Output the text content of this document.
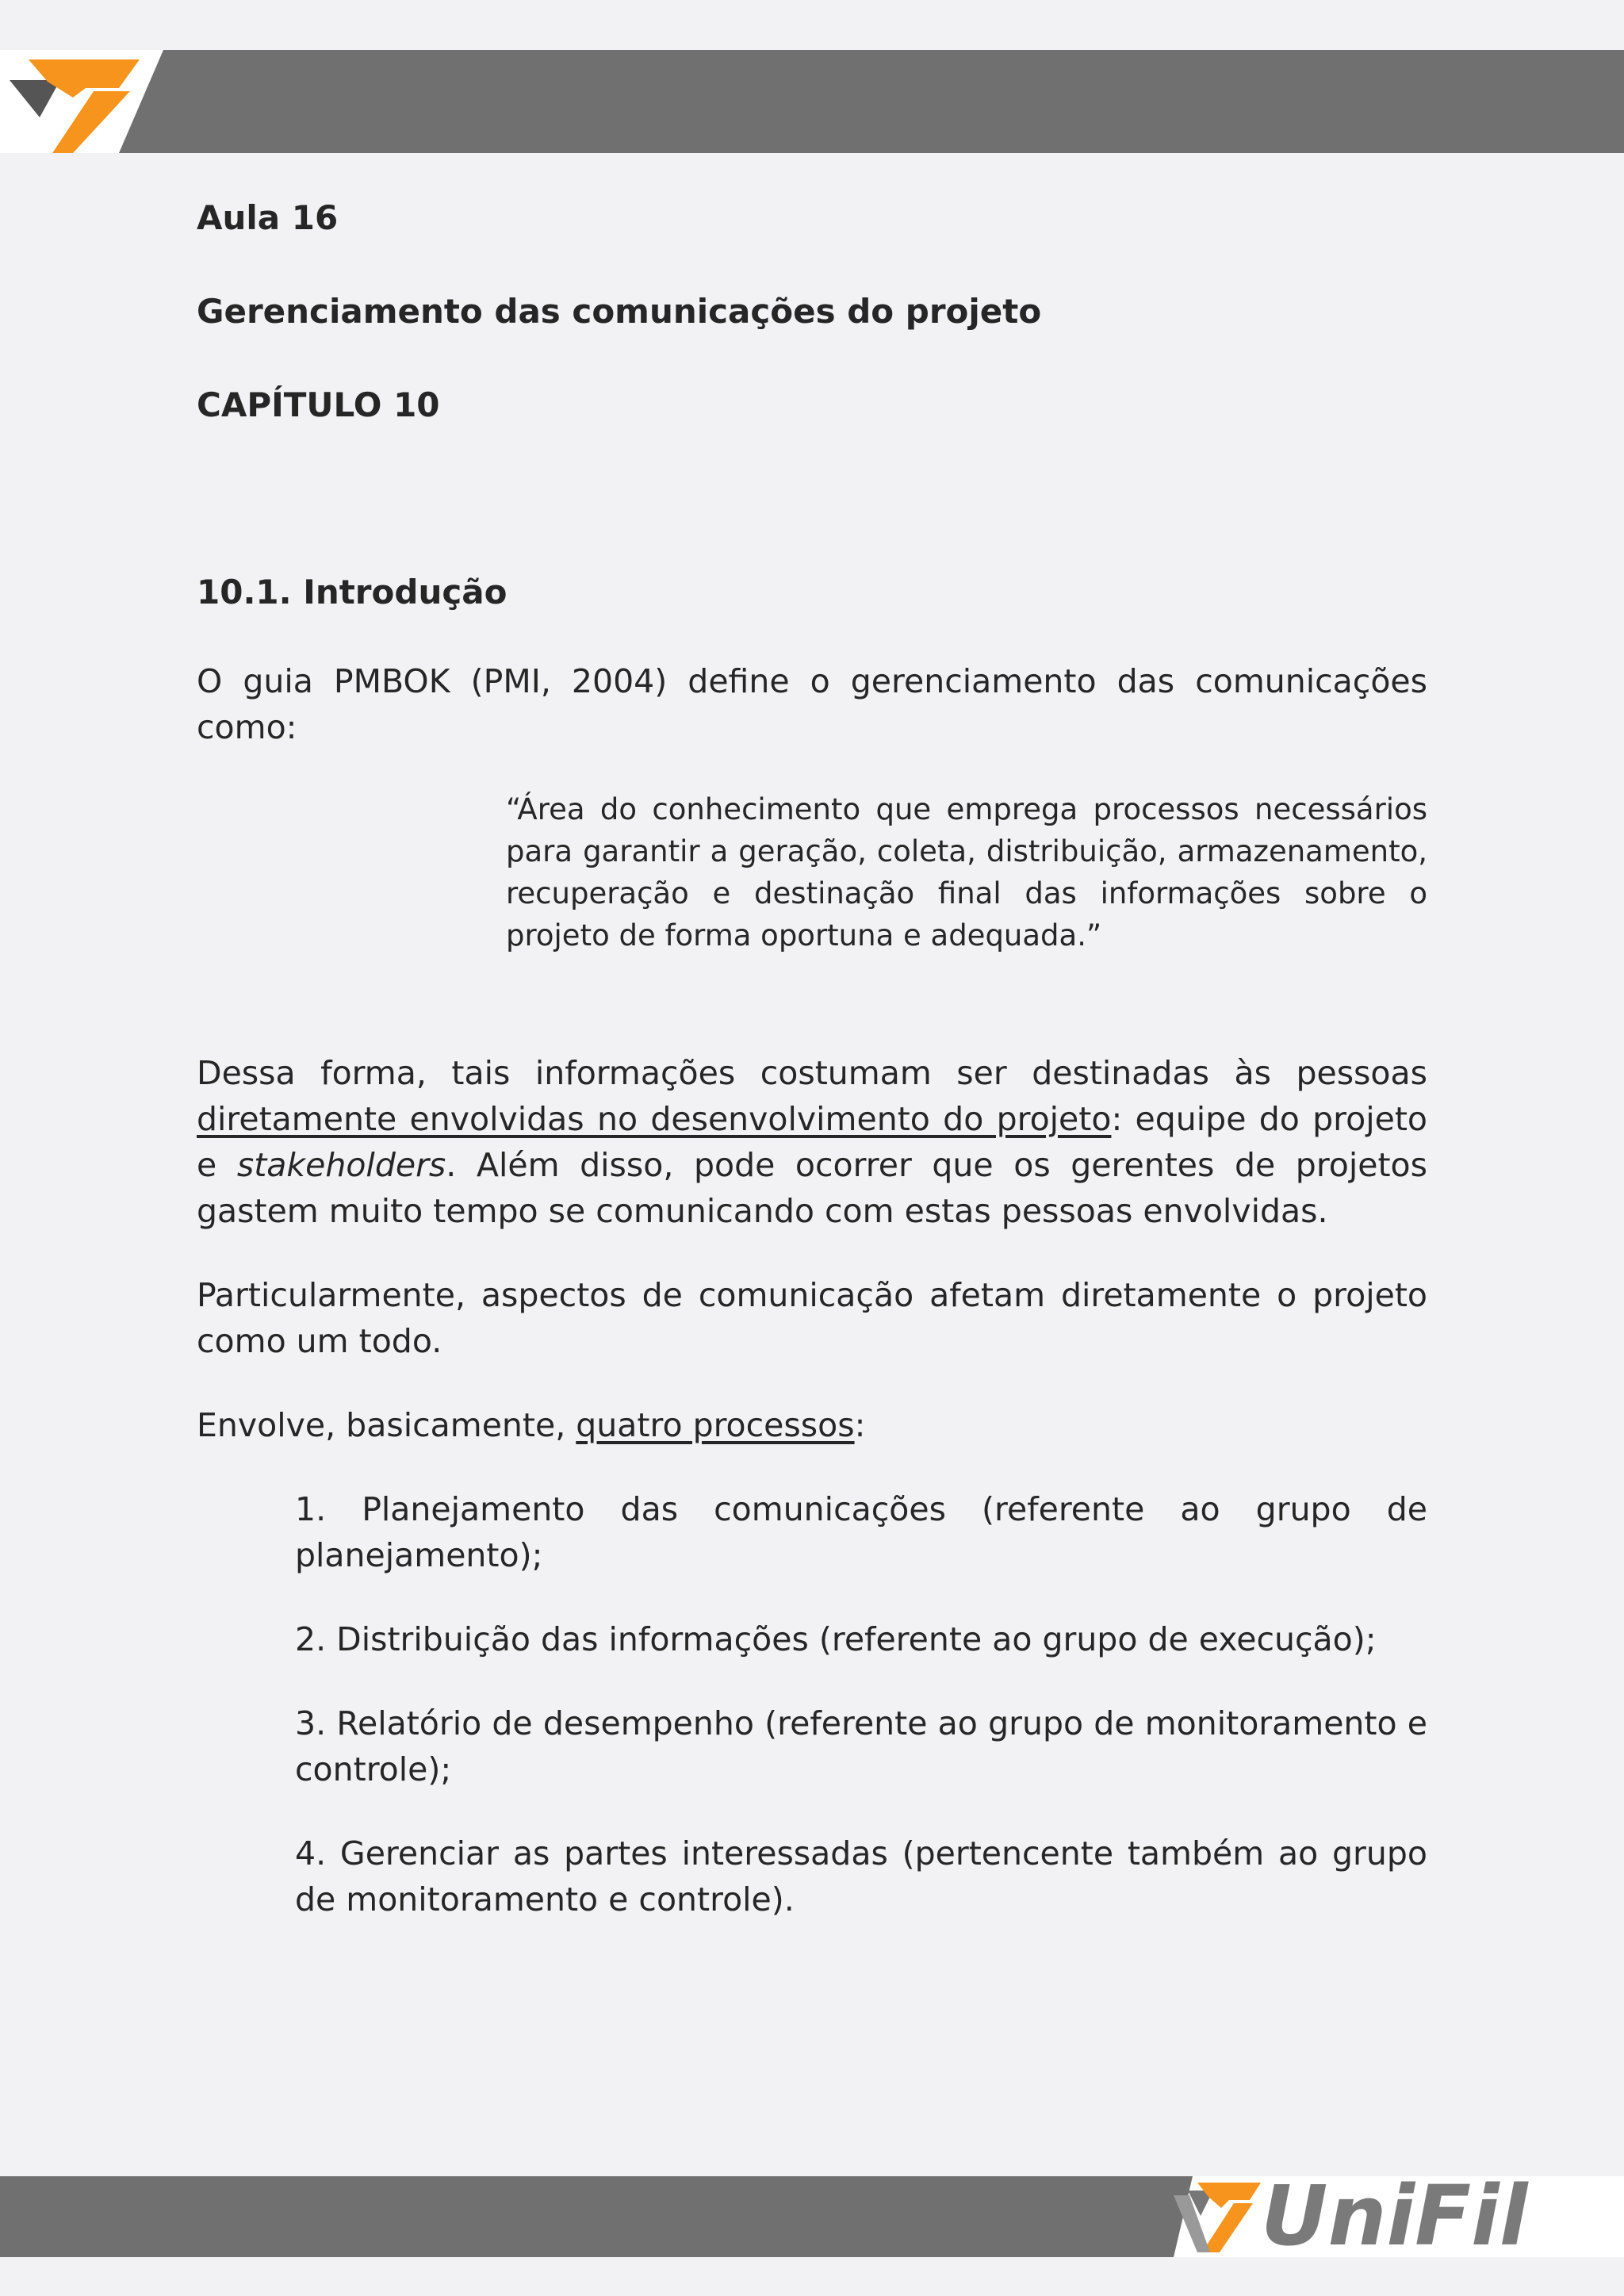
Aula 16
Gerenciamento das comunicações do projeto
CAPÍTULO 10
10.1. Introdução

O guia PMBOK (PMI, 2004) define o gerenciamento das comunicações como:

“Área do conhecimento que emprega processos necessários para garantir a geração, coleta, distribuição, armazenamento, recuperação e destinação final das informações sobre o projeto de forma oportuna e adequada.”

Dessa forma, tais informações costumam ser destinadas às pessoas diretamente envolvidas no desenvolvimento do projeto: equipe do projeto e stakeholders. Além disso, pode ocorrer que os gerentes de projetos gastem muito tempo se comunicando com estas pessoas envolvidas.

Particularmente, aspectos de comunicação afetam diretamente o projeto como um todo.

Envolve, basicamente, quatro processos:

1. Planejamento das comunicações (referente ao grupo de planejamento);
2. Distribuição das informações (referente ao grupo de execução);
3. Relatório de desempenho (referente ao grupo de monitoramento e controle);
4. Gerenciar as partes interessadas (pertencente também ao grupo de monitoramento e controle).
UniFil
